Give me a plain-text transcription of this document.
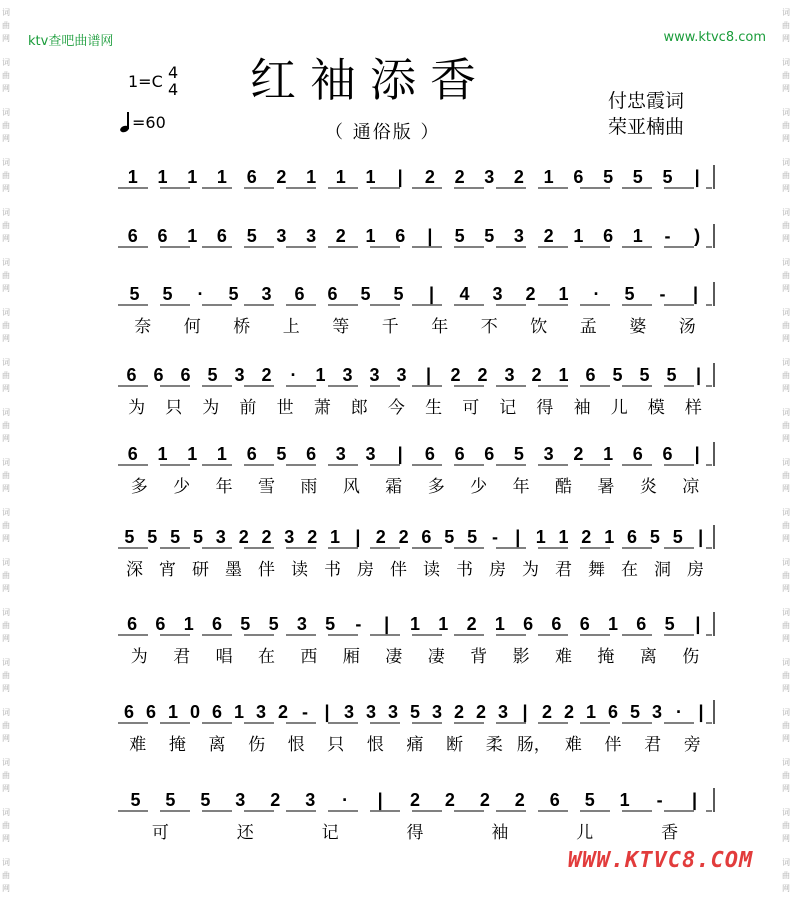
词
曲
网
词
曲
网
词
曲
网
词
曲
网
词
曲
网
词
曲
网
词
曲
网
词
曲
网
词
曲
网
词
曲
网
词
曲
网
词
曲
网
词
曲
网
词
曲
网
词
曲
网
词
曲
网
词
曲
网
词
曲
网
词
曲
网
词
曲
网
词
曲
网
词
曲
网
词
曲
网
词
曲
网
词
曲
网
词
曲
网
词
曲
网
词
曲
网
词
曲
网
词
曲
网
词
曲
网
词
曲
网
词
曲
网
词
曲
网
词
曲
网
词
曲
网
ktv查吧曲谱网	www.ktvc8.com
1=C 4
4
=60
红袖添香
（ 通俗版 ）
付忠霞词
荣亚楠曲
1 1 1 1 6 2 1 1 1 | 2 2 3 2 1 6 5 5 5 |
6 6 1 6 5 3 3 2 1 6 | 5 5 3 2 1 6 1 - )
5 5 · 5 3 6 6 5 5 | 4 3 2 1 · 5 - |
奈 何 桥 上 等 千 年 不 饮 孟 婆 汤
6 6 6 5 3 2 · 1 3 3 3 | 2 2 3 2 1 6 5 5 5 |
为 只 为 前 世 萧 郎 今 生 可 记 得 袖 儿 模 样
6 1 1 1 6 5 6 3 3 | 6 6 6 5 3 2 1 6 6 |
多 少 年 雪 雨 风 霜 多 少 年 酷 暑 炎 凉
5 5 5 5 3 2 2 3 2 1 | 2 2 6 5 5 - | 1 1 2 1 6 5 5 |
深 宵 研 墨 伴 读 书 房 伴 读 书 房 为 君 舞 在 洞 房
6 6 1 6 5 5 3 5 - | 1 1 2 1 6 6 6 1 6 5 |
为 君 唱 在 西 厢 凄 凄 背 影 难 掩 离 伤
6 6 1 0 6 1 3 2 - | 3 3 3 5 3 2 2 3 | 2 2 1 6 5 3 · |
难 掩 离 伤 恨 只 恨 痛 断 柔 肠， 难 伴 君 旁
5 5 5 3 2 3 · | 2 2 2 2 6 5 1 - |
可	还	记	得	袖	儿	香
WWW.KTVC8.COM
